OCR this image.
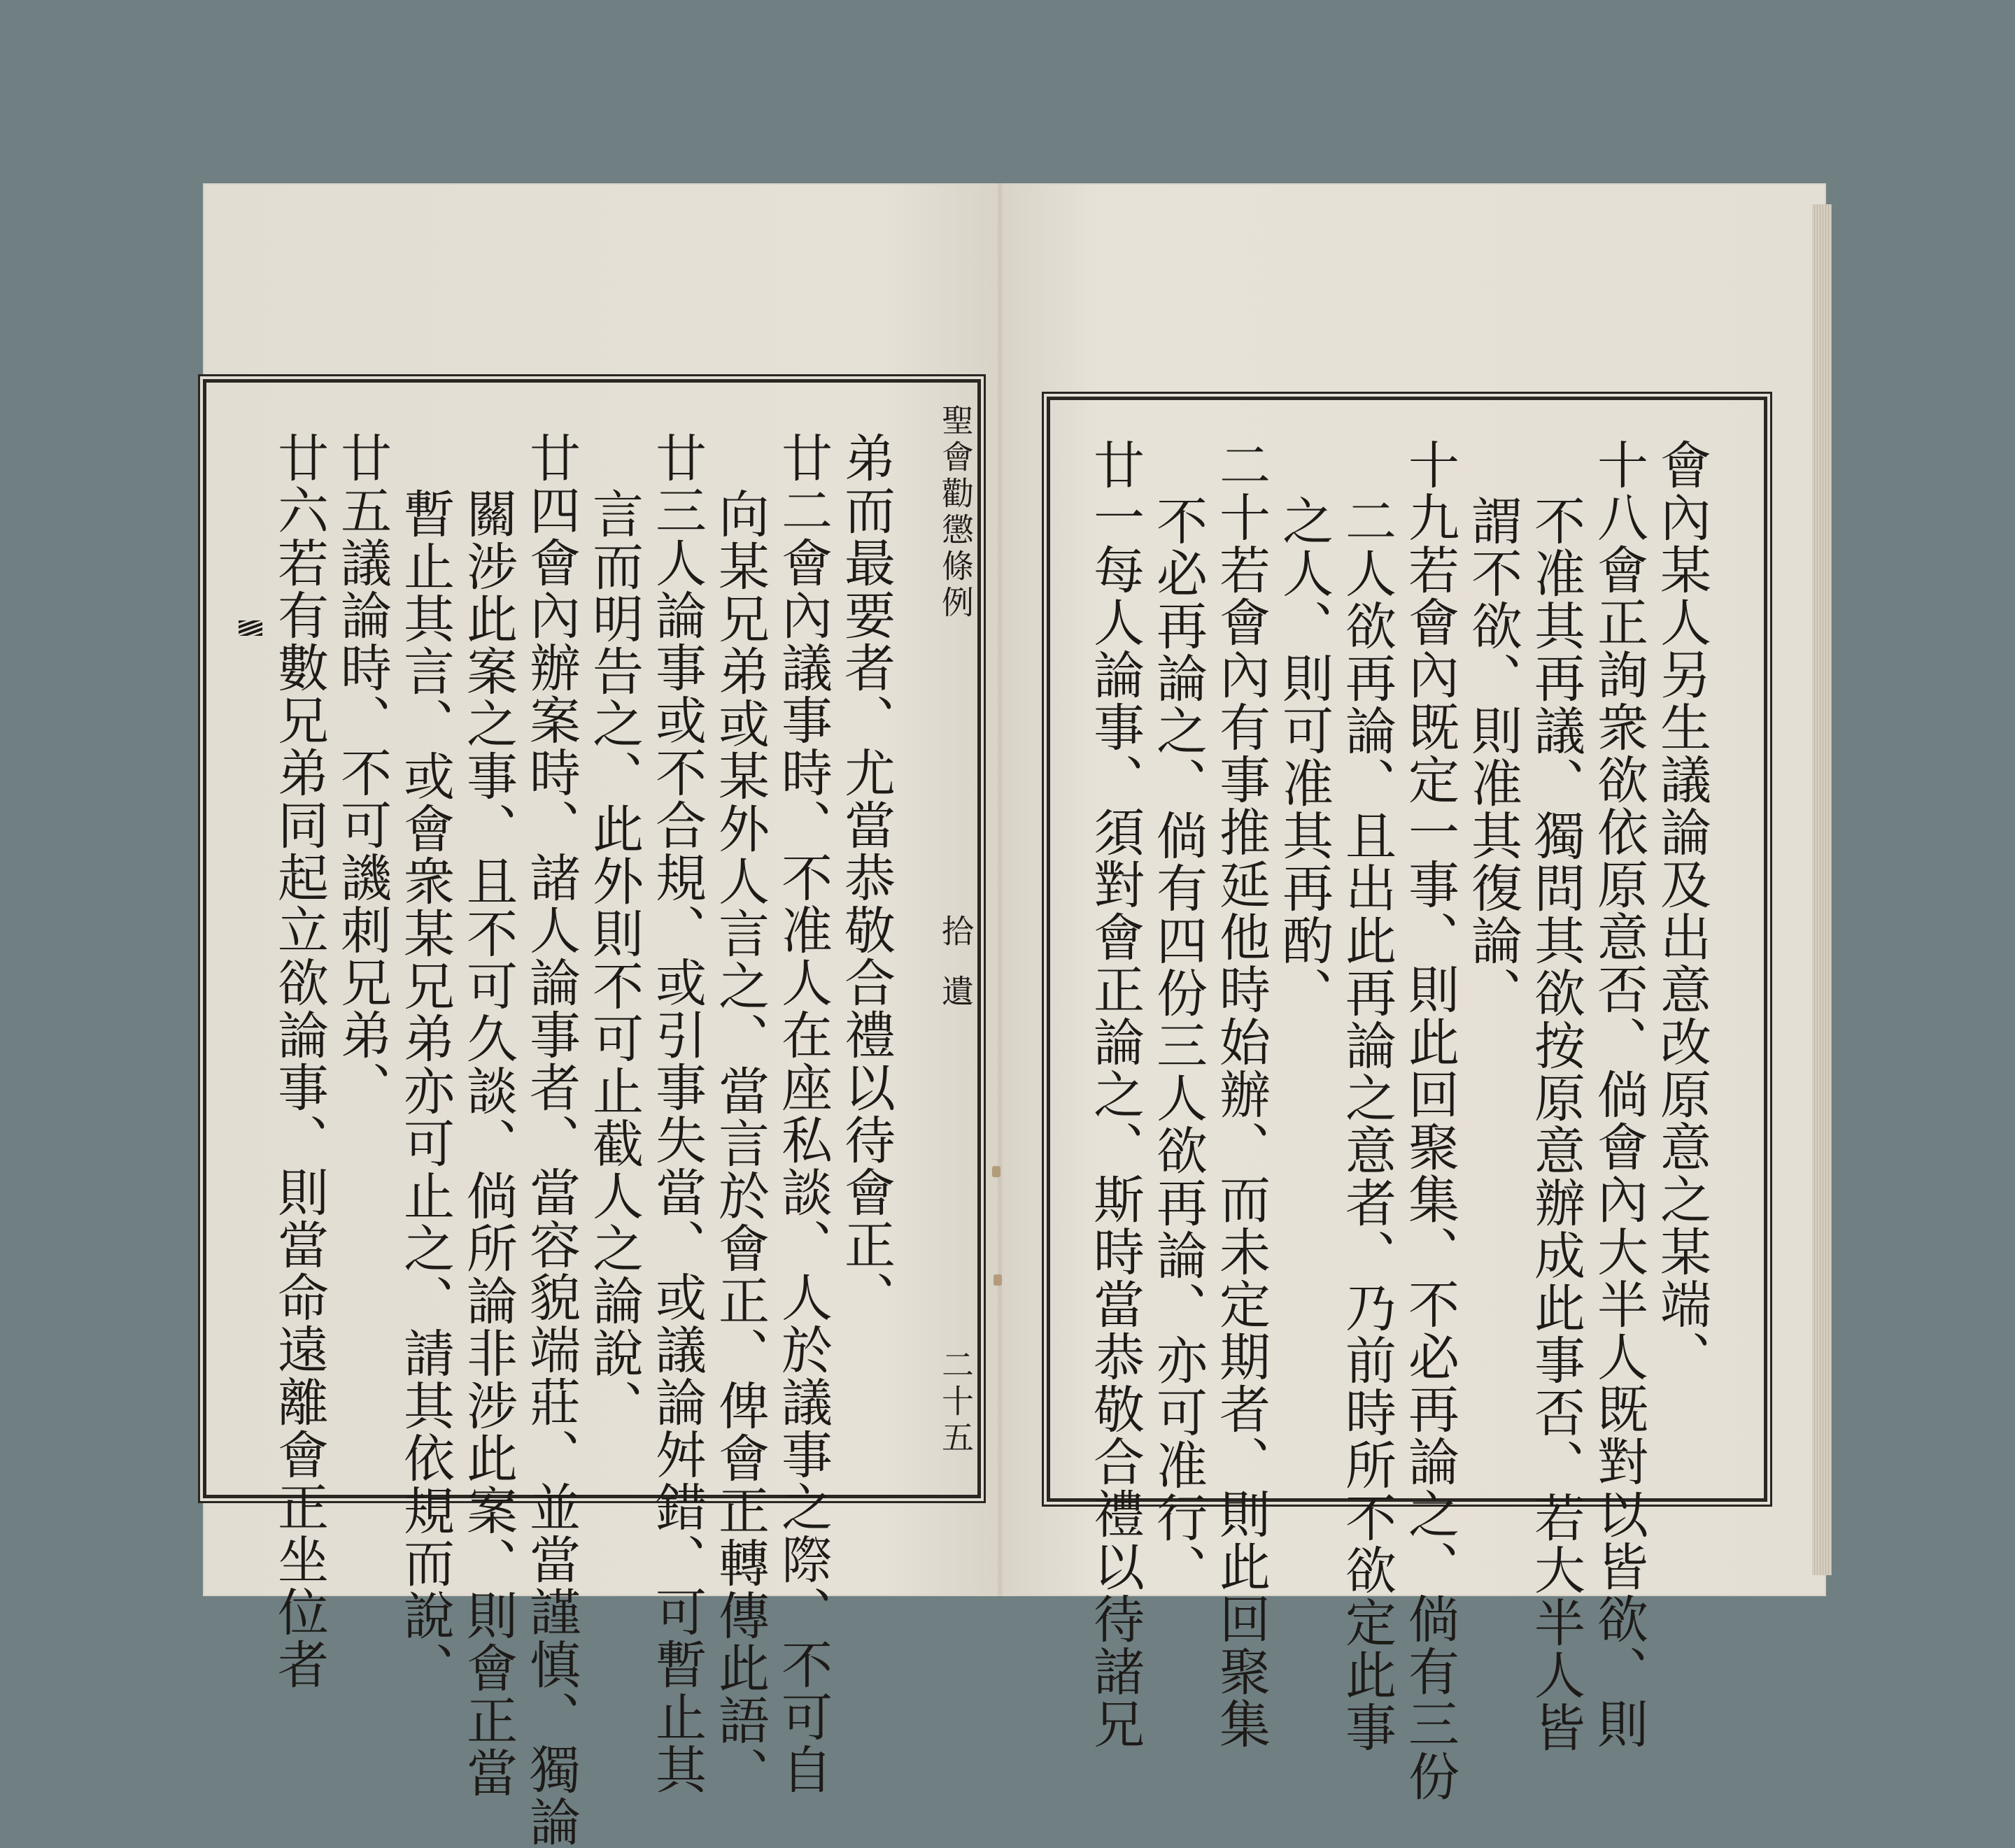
聖會勸懲條例
拾遺
二十五
弟而最要者、尤當恭敬合禮以待會正、
廿二會內議事時、不准人在座私談、人於議事之際、不可自
向某兄弟或某外人言之、當言於會正、俾會正轉傳此語、
廿三人論事或不合規、或引事失當、或議論舛錯、可暫止其
言而明告之、此外則不可止截人之論說、
廿四會內辦案時、諸人論事者、當容貌端莊、並當謹慎、獨論
關涉此案之事、且不可久談、倘所論非涉此案、則會正當
暫止其言、或會衆某兄弟亦可止之、請其依規而說、
廿五議論時、不可譏刺兄弟、
廿六若有數兄弟同起立欲論事、則當命遠離會正坐位者	會內某人另生議論及出意改原意之某端、
十八會正詢衆欲依原意否、倘會內大半人既對以皆欲、則
不准其再議、獨問其欲按原意辦成此事否、若大半人皆
謂不欲、則准其復論、
十九若會內既定一事、則此回聚集、不必再論之、倘有三份
二人欲再論、且出此再論之意者、乃前時所不欲定此事
之人、則可准其再酌、
二十若會內有事推延他時始辦、而未定期者、則此回聚集
不必再論之、倘有四份三人欲再論、亦可准行、
廿一每人論事、須對會正論之、斯時當恭敬合禮以待諸兄
